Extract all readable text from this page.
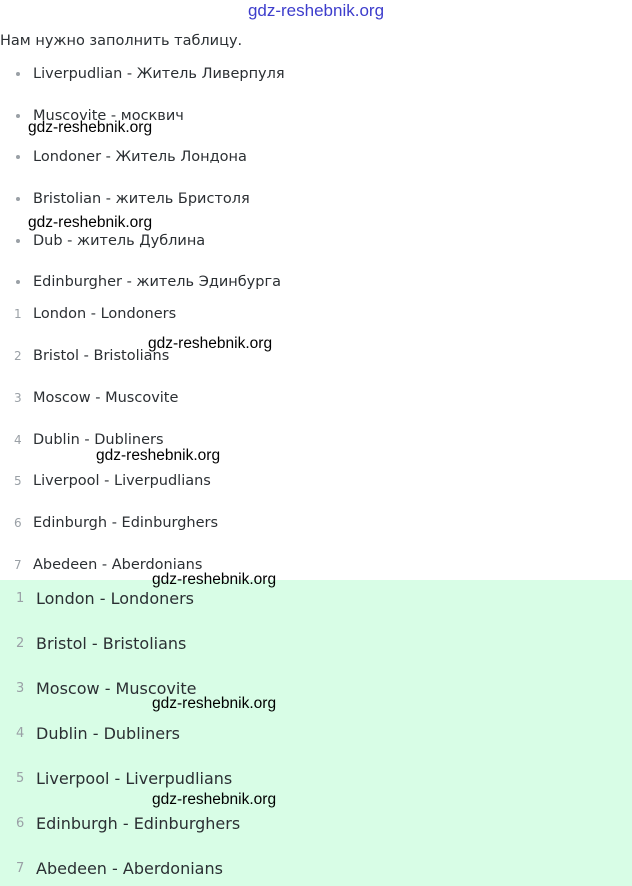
gdz-reshebnik.org
Нам нужно заполнить таблицу.
Liverpudlian - Житель Ливерпуля
Muscovite - москвич
Londoner - Житель Лондона
Bristolian - житель Бристоля
Dub - житель Дублина
Edinburgher - житель Эдинбурга
1 London - Londoners
2 Bristol - Bristolians
3 Moscow - Muscovite
4 Dublin - Dubliners
5 Liverpool - Liverpudlians
6 Edinburgh - Edinburghers
7 Abedeen - Aberdonians
1 London - Londoners
2 Bristol - Bristolians
3 Moscow - Muscovite
4 Dublin - Dubliners
5 Liverpool - Liverpudlians
6 Edinburgh - Edinburghers
7 Abedeen - Aberdonians
gdz-reshebnik.org
gdz-reshebnik.org
gdz-reshebnik.org
gdz-reshebnik.org
gdz-reshebnik.org
gdz-reshebnik.org
gdz-reshebnik.org
